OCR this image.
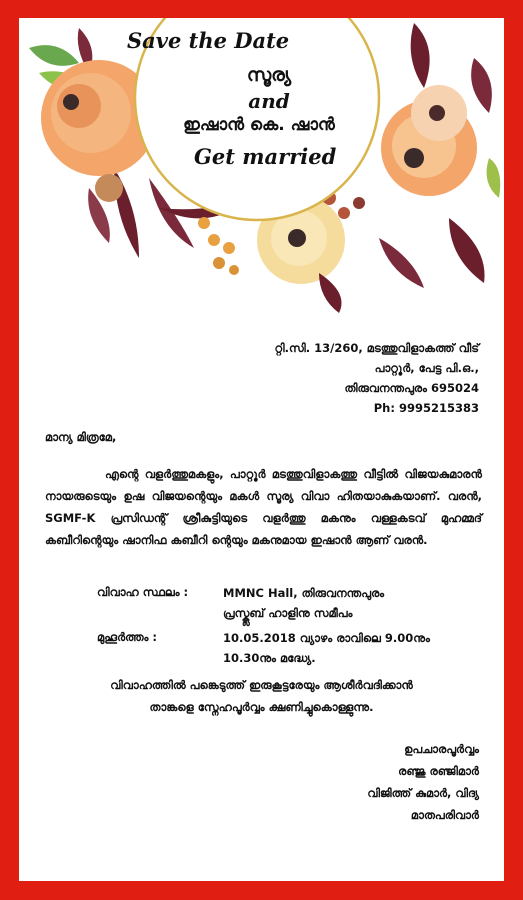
Save the Date
സൂര്യ
and
ഇഷാൻ കെ. ഷാൻ
Get married
റ്റി.സി. 13/260, മടത്തുവിളാകത്ത് വീട്
പാറ്റൂർ, പേട്ട പി.ഒ.,
തിരുവനന്തപുരം 695024
Ph: 9995215383
മാന്യ മിത്രമേ,
എന്റെ വളർത്തുമകളും, പാറ്റൂർ മടത്തുവിളാകത്തു വീട്ടിൽ വിജയകുമാരൻ നായരുടെയും ഉഷ വിജയന്റെയും മകൾ സൂര്യ വിവാ ഹിതയാകുകയാണ്. വരൻ, SGMF-K പ്രസിഡന്റ് ശ്രീകുട്ടിയുടെ വളർത്തു മകനും വള്ളകടവ് മുഹമ്മദ് കബീറിന്റെയും ഷാനിഫ കബീറി ന്റെയും മകനുമായ ഇഷാൻ ആണ് വരൻ.
വിവാഹ സ്ഥലം :	MMNC Hall, തിരുവനന്തപുരം
പ്രസ്ക്ലബ് ഹാളിനു സമീപം
മുഹൂർത്തം :	10.05.2018 വ്യാഴം രാവിലെ 9.00നും
10.30നും മദ്ധ്യേ.
വിവാഹത്തിൽ പങ്കെടുത്ത് ഇരുകൂട്ടരേയും ആശീർവദിക്കാൻ
താങ്കളെ സ്നേഹപൂർവ്വം ക്ഷണിച്ചുകൊള്ളുന്നു.
ഉപചാരപൂർവ്വം
രഞ്ജു രഞ്ജിമാർ
വിജിത്ത് കുമാർ, വിദ്യ
മാതപരിവാർ
